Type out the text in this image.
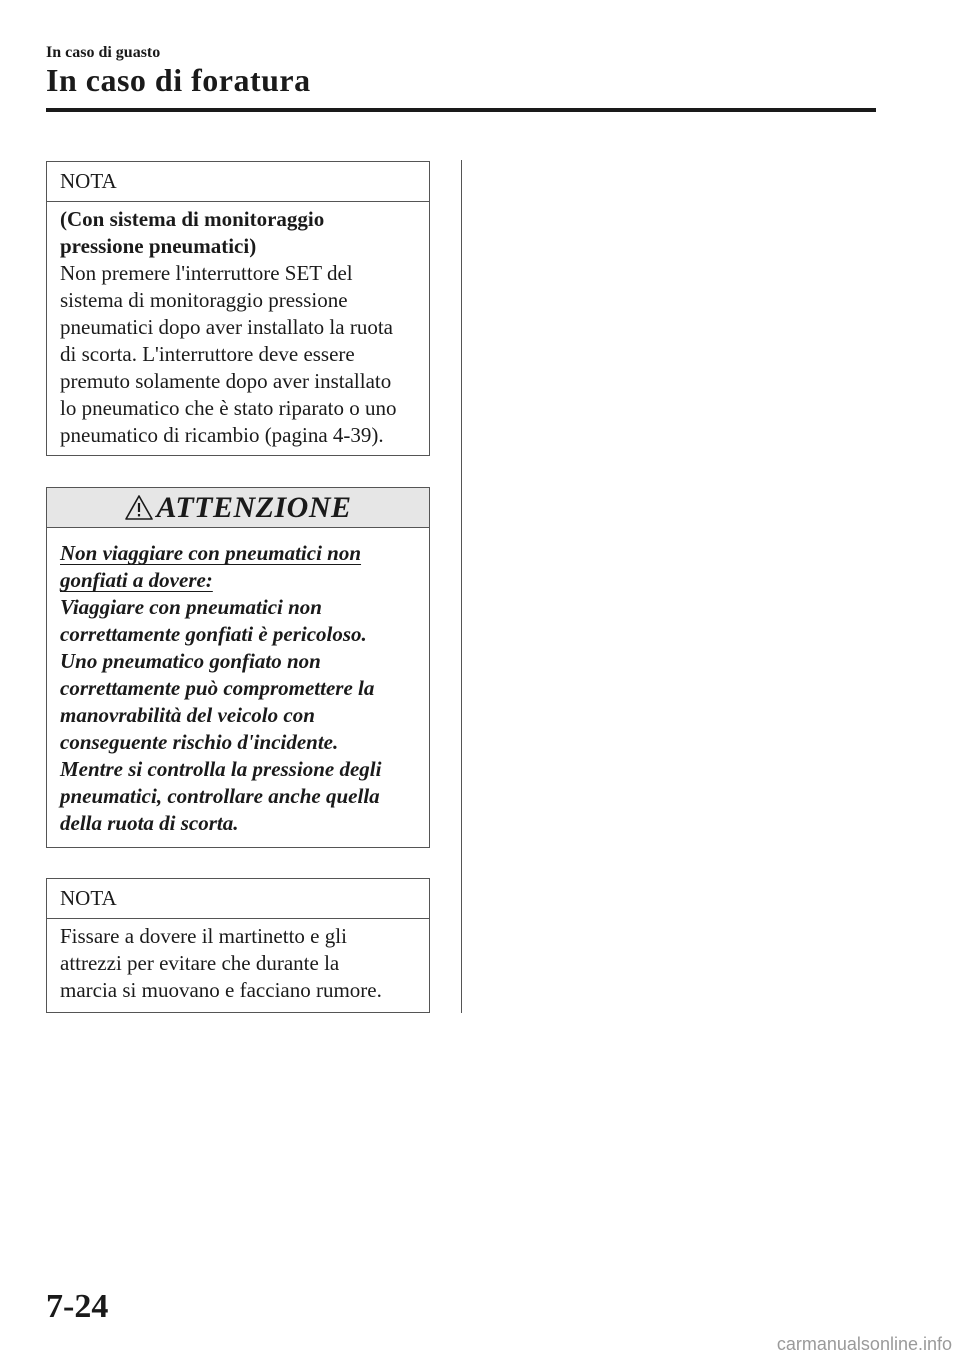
In caso di guasto
In caso di foratura
NOTA

(Con sistema di monitoraggio

pressione pneumatici)

Non premere l'interruttore SET del

sistema di monitoraggio pressione

pneumatici dopo aver installato la ruota

di scorta. L'interruttore deve essere

premuto solamente dopo aver installato

lo pneumatico che è stato riparato o uno

pneumatico di ricambio (pagina 4-39).

ATTENZIONE

Non viaggiare con pneumatici non

gonfiati a dovere:

Viaggiare con pneumatici non

correttamente gonfiati è pericoloso.

Uno pneumatico gonfiato non

correttamente può compromettere la

manovrabilità del veicolo con

conseguente rischio d'incidente.

Mentre si controlla la pressione degli

pneumatici, controllare anche quella

della ruota di scorta.

NOTA

Fissare a dovere il martinetto e gli

attrezzi per evitare che durante la

marcia si muovano e facciano rumore.

7-24
carmanualsonline.info
